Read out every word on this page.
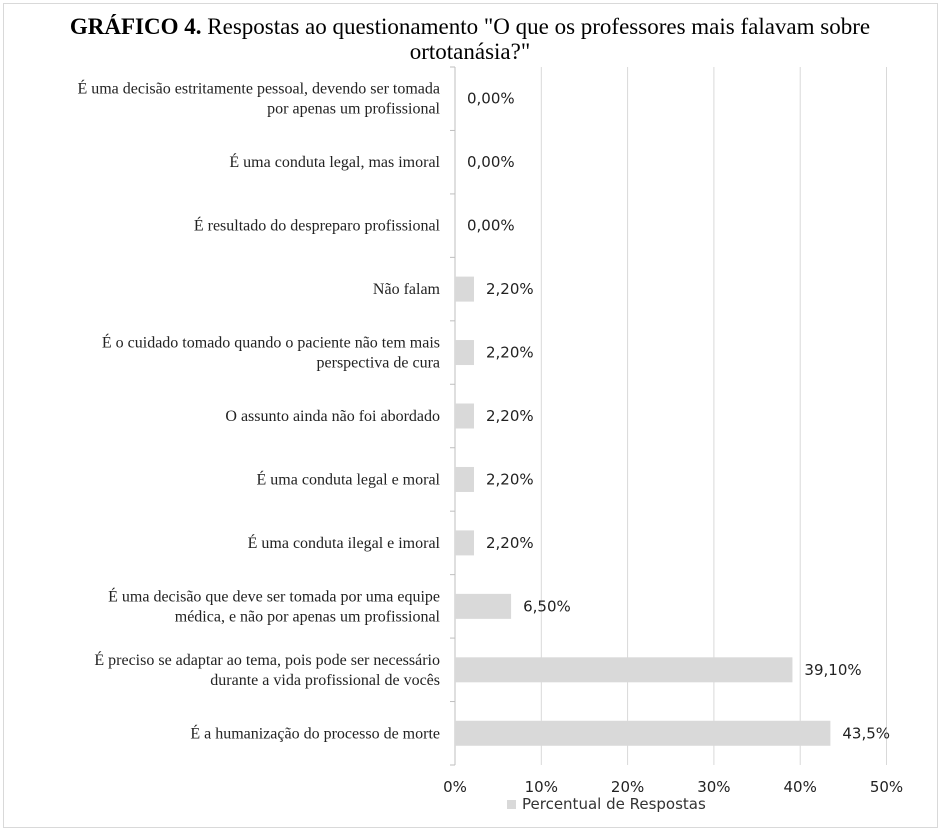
GRÁFICO 4. Respostas ao questionamento "O que os professores mais falavam sobre ortotanásia?"
0%	10%	20%	30%	40%	50%
É uma decisão estritamente pessoal, devendo ser tomada por apenas um profissional
0,00%
É uma conduta legal, mas imoral 0,00%
É resultado do despreparo profissional 0,00%
Não falam	2,20%
É o cuidado tomado quando o paciente não tem mais perspectiva de cura
2,20%
O assunto ainda não foi abordado	2,20%
É uma conduta legal e moral	2,20%
É uma conduta ilegal e imoral	2,20%
É uma decisão que deve ser tomada por uma equipe médica, e não por apenas um profissional
6,50%
É preciso se adaptar ao tema, pois pode ser necessário durante a vida profissional de vocês
39,10%
É a humanização do processo de morte	43,5%
Percentual de Respostas
